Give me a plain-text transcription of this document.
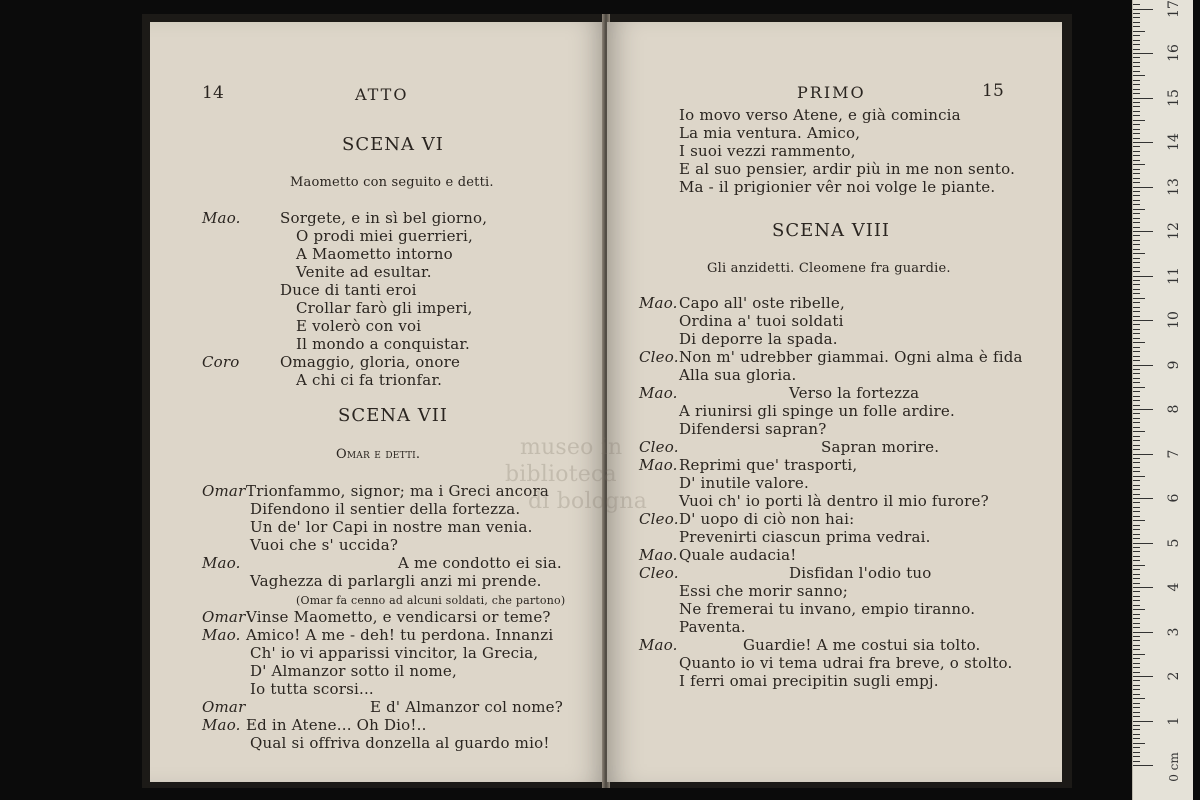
14	ATTO
SCENA VI
Maometto con seguito e detti.
Mao.	Sorgete, e in sì bel giorno,
O prodi miei guerrieri,
A Maometto intorno
Venite ad esultar.
Duce di tanti eroi
Crollar farò gli imperi,
E volerò con voi
Il mondo a conquistar.
Coro	Omaggio, gloria, onore
A chi ci fa trionfar.
SCENA VII
Omar e detti.
Omar Trionfammo, signor; ma i Greci ancora
Difendono il sentier della fortezza.
Un de' lor Capi in nostre man venia.
Vuoi che s' uccida?
Mao.	A me condotto ei sia.
Vaghezza di parlargli anzi mi prende.
(Omar fa cenno ad alcuni soldati, che partono)
Omar Vinse Maometto, e vendicarsi or teme?
Mao. Amico! A me - deh! tu perdona. Innanzi
Ch' io vi apparissi vincitor, la Grecia,
D' Almanzor sotto il nome,
Io tutta scorsi...
Omar	E d' Almanzor col nome?
Mao. Ed in Atene... Oh Dio!..
Qual si offriva donzella al guardo mio!
PRIMO	15
Io movo verso Atene, e già comincia
La mia ventura. Amico,
I suoi vezzi rammento,
E al suo pensier, ardir più in me non sento.
Ma - il prigionier vêr noi volge le piante.
SCENA VIII
Gli anzidetti. Cleomene fra guardie.
Mao. Capo all' oste ribelle,
Ordina a' tuoi soldati
Di deporre la spada.
Cleo. Non m' udrebber giammai. Ogni alma è fida
Alla sua gloria.
Mao.	Verso la fortezza
A riunirsi gli spinge un folle ardire.
Difendersi sapran?
Cleo.	Sapran morire.
Mao. Reprimi que' trasporti,
D' inutile valore.
Vuoi ch' io porti là dentro il mio furore?
Cleo. D' uopo di ciò non hai:
Prevenirti ciascun prima vedrai.
Mao. Quale audacia!
Cleo.	Disfidan l'odio tuo
Essi che morir sanno;
Ne fremerai tu invano, empio tiranno.
Paventa.
Mao.	Guardie! A me costui sia tolto.
Quanto io vi tema udrai fra breve, o stolto.
I ferri omai precipitin sugli empj.
museo in
biblioteca
di bologna
0 cm
1
2
3
4
5
6
7
8
9
10
11
12
13
14
15
16
17
